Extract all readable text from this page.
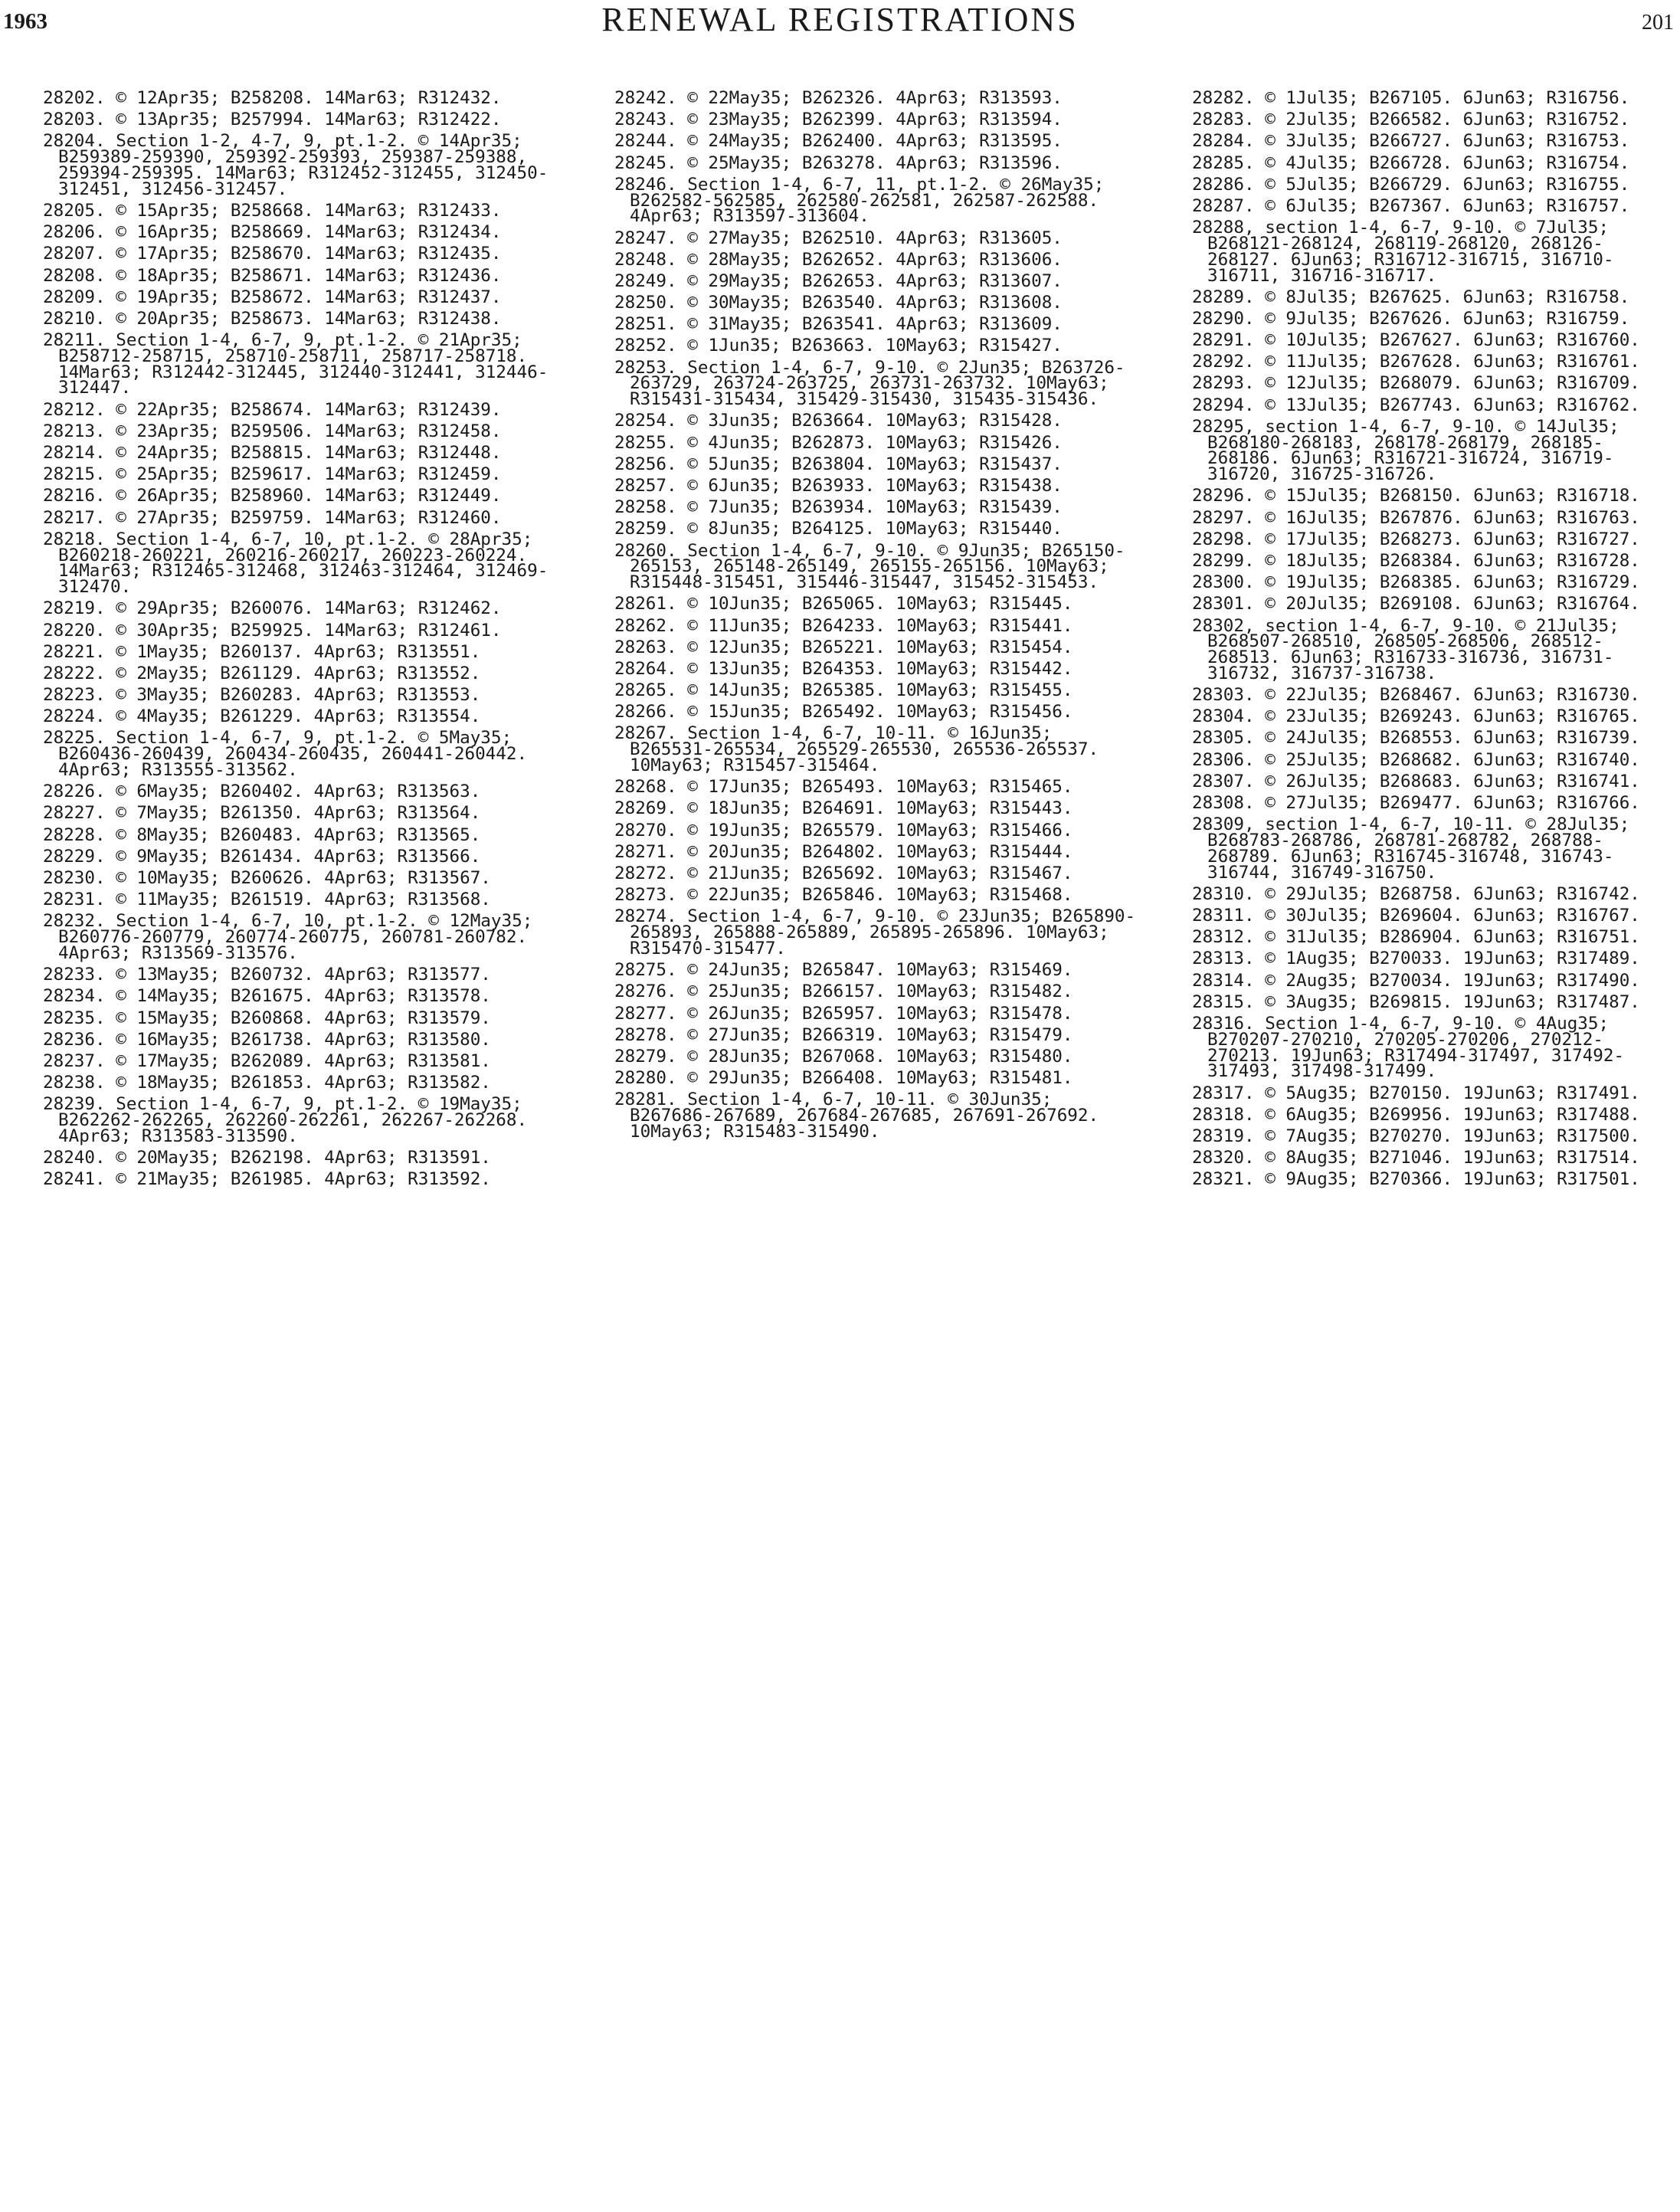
1963	RENEWAL REGISTRATIONS	201
28202. © 12Apr35; B258208. 14Mar63; R312432.
28203. © 13Apr35; B257994. 14Mar63; R312422.
28204. Section 1-2, 4-7, 9, pt.1-2. © 14Apr35; B259389-259390, 259392-259393, 259387-259388, 259394-259395. 14Mar63; R312452-312455, 312450-312451, 312456-312457.
28205. © 15Apr35; B258668. 14Mar63; R312433.
28206. © 16Apr35; B258669. 14Mar63; R312434.
28207. © 17Apr35; B258670. 14Mar63; R312435.
28208. © 18Apr35; B258671. 14Mar63; R312436.
28209. © 19Apr35; B258672. 14Mar63; R312437.
28210. © 20Apr35; B258673. 14Mar63; R312438.
28211. Section 1-4, 6-7, 9, pt.1-2. © 21Apr35; B258712-258715, 258710-258711, 258717-258718. 14Mar63; R312442-312445, 312440-312441, 312446-312447.
28212. © 22Apr35; B258674. 14Mar63; R312439.
28213. © 23Apr35; B259506. 14Mar63; R312458.
28214. © 24Apr35; B258815. 14Mar63; R312448.
28215. © 25Apr35; B259617. 14Mar63; R312459.
28216. © 26Apr35; B258960. 14Mar63; R312449.
28217. © 27Apr35; B259759. 14Mar63; R312460.
28218. Section 1-4, 6-7, 10, pt.1-2. © 28Apr35; B260218-260221, 260216-260217, 260223-260224. 14Mar63; R312465-312468, 312463-312464, 312469-312470.
28219. © 29Apr35; B260076. 14Mar63; R312462.
28220. © 30Apr35; B259925. 14Mar63; R312461.
28221. © 1May35; B260137. 4Apr63; R313551.
28222. © 2May35; B261129. 4Apr63; R313552.
28223. © 3May35; B260283. 4Apr63; R313553.
28224. © 4May35; B261229. 4Apr63; R313554.
28225. Section 1-4, 6-7, 9, pt.1-2. © 5May35; B260436-260439, 260434-260435, 260441-260442. 4Apr63; R313555-313562.
28226. © 6May35; B260402. 4Apr63; R313563.
28227. © 7May35; B261350. 4Apr63; R313564.
28228. © 8May35; B260483. 4Apr63; R313565.
28229. © 9May35; B261434. 4Apr63; R313566.
28230. © 10May35; B260626. 4Apr63; R313567.
28231. © 11May35; B261519. 4Apr63; R313568.
28232. Section 1-4, 6-7, 10, pt.1-2. © 12May35; B260776-260779, 260774-260775, 260781-260782. 4Apr63; R313569-313576.
28233. © 13May35; B260732. 4Apr63; R313577.
28234. © 14May35; B261675. 4Apr63; R313578.
28235. © 15May35; B260868. 4Apr63; R313579.
28236. © 16May35; B261738. 4Apr63; R313580.
28237. © 17May35; B262089. 4Apr63; R313581.
28238. © 18May35; B261853. 4Apr63; R313582.
28239. Section 1-4, 6-7, 9, pt.1-2. © 19May35; B262262-262265, 262260-262261, 262267-262268. 4Apr63; R313583-313590.
28240. © 20May35; B262198. 4Apr63; R313591.
28241. © 21May35; B261985. 4Apr63; R313592.
28242. © 22May35; B262326. 4Apr63; R313593.
28243. © 23May35; B262399. 4Apr63; R313594.
28244. © 24May35; B262400. 4Apr63; R313595.
28245. © 25May35; B263278. 4Apr63; R313596.
28246. Section 1-4, 6-7, 11, pt.1-2. © 26May35; B262582-562585, 262580-262581, 262587-262588. 4Apr63; R313597-313604.
28247. © 27May35; B262510. 4Apr63; R313605.
28248. © 28May35; B262652. 4Apr63; R313606.
28249. © 29May35; B262653. 4Apr63; R313607.
28250. © 30May35; B263540. 4Apr63; R313608.
28251. © 31May35; B263541. 4Apr63; R313609.
28252. © 1Jun35; B263663. 10May63; R315427.
28253. Section 1-4, 6-7, 9-10. © 2Jun35; B263726-263729, 263724-263725, 263731-263732. 10May63; R315431-315434, 315429-315430, 315435-315436.
28254. © 3Jun35; B263664. 10May63; R315428.
28255. © 4Jun35; B262873. 10May63; R315426.
28256. © 5Jun35; B263804. 10May63; R315437.
28257. © 6Jun35; B263933. 10May63; R315438.
28258. © 7Jun35; B263934. 10May63; R315439.
28259. © 8Jun35; B264125. 10May63; R315440.
28260. Section 1-4, 6-7, 9-10. © 9Jun35; B265150-265153, 265148-265149, 265155-265156. 10May63; R315448-315451, 315446-315447, 315452-315453.
28261. © 10Jun35; B265065. 10May63; R315445.
28262. © 11Jun35; B264233. 10May63; R315441.
28263. © 12Jun35; B265221. 10May63; R315454.
28264. © 13Jun35; B264353. 10May63; R315442.
28265. © 14Jun35; B265385. 10May63; R315455.
28266. © 15Jun35; B265492. 10May63; R315456.
28267. Section 1-4, 6-7, 10-11. © 16Jun35; B265531-265534, 265529-265530, 265536-265537. 10May63; R315457-315464.
28268. © 17Jun35; B265493. 10May63; R315465.
28269. © 18Jun35; B264691. 10May63; R315443.
28270. © 19Jun35; B265579. 10May63; R315466.
28271. © 20Jun35; B264802. 10May63; R315444.
28272. © 21Jun35; B265692. 10May63; R315467.
28273. © 22Jun35; B265846. 10May63; R315468.
28274. Section 1-4, 6-7, 9-10. © 23Jun35; B265890-265893, 265888-265889, 265895-265896. 10May63; R315470-315477.
28275. © 24Jun35; B265847. 10May63; R315469.
28276. © 25Jun35; B266157. 10May63; R315482.
28277. © 26Jun35; B265957. 10May63; R315478.
28278. © 27Jun35; B266319. 10May63; R315479.
28279. © 28Jun35; B267068. 10May63; R315480.
28280. © 29Jun35; B266408. 10May63; R315481.
28281. Section 1-4, 6-7, 10-11. © 30Jun35; B267686-267689, 267684-267685, 267691-267692. 10May63; R315483-315490.
28282. © 1Jul35; B267105. 6Jun63; R316756.
28283. © 2Jul35; B266582. 6Jun63; R316752.
28284. © 3Jul35; B266727. 6Jun63; R316753.
28285. © 4Jul35; B266728. 6Jun63; R316754.
28286. © 5Jul35; B266729. 6Jun63; R316755.
28287. © 6Jul35; B267367. 6Jun63; R316757.
28288, section 1-4, 6-7, 9-10. © 7Jul35; B268121-268124, 268119-268120, 268126-268127. 6Jun63; R316712-316715, 316710-316711, 316716-316717.
28289. © 8Jul35; B267625. 6Jun63; R316758.
28290. © 9Jul35; B267626. 6Jun63; R316759.
28291. © 10Jul35; B267627. 6Jun63; R316760.
28292. © 11Jul35; B267628. 6Jun63; R316761.
28293. © 12Jul35; B268079. 6Jun63; R316709.
28294. © 13Jul35; B267743. 6Jun63; R316762.
28295, section 1-4, 6-7, 9-10. © 14Jul35; B268180-268183, 268178-268179, 268185-268186. 6Jun63; R316721-316724, 316719-316720, 316725-316726.
28296. © 15Jul35; B268150. 6Jun63; R316718.
28297. © 16Jul35; B267876. 6Jun63; R316763.
28298. © 17Jul35; B268273. 6Jun63; R316727.
28299. © 18Jul35; B268384. 6Jun63; R316728.
28300. © 19Jul35; B268385. 6Jun63; R316729.
28301. © 20Jul35; B269108. 6Jun63; R316764.
28302, section 1-4, 6-7, 9-10. © 21Jul35; B268507-268510, 268505-268506, 268512-268513. 6Jun63; R316733-316736, 316731-316732, 316737-316738.
28303. © 22Jul35; B268467. 6Jun63; R316730.
28304. © 23Jul35; B269243. 6Jun63; R316765.
28305. © 24Jul35; B268553. 6Jun63; R316739.
28306. © 25Jul35; B268682. 6Jun63; R316740.
28307. © 26Jul35; B268683. 6Jun63; R316741.
28308. © 27Jul35; B269477. 6Jun63; R316766.
28309, section 1-4, 6-7, 10-11. © 28Jul35; B268783-268786, 268781-268782, 268788-268789. 6Jun63; R316745-316748, 316743-316744, 316749-316750.
28310. © 29Jul35; B268758. 6Jun63; R316742.
28311. © 30Jul35; B269604. 6Jun63; R316767.
28312. © 31Jul35; B286904. 6Jun63; R316751.
28313. © 1Aug35; B270033. 19Jun63; R317489.
28314. © 2Aug35; B270034. 19Jun63; R317490.
28315. © 3Aug35; B269815. 19Jun63; R317487.
28316. Section 1-4, 6-7, 9-10. © 4Aug35; B270207-270210, 270205-270206, 270212-270213. 19Jun63; R317494-317497, 317492-317493, 317498-317499.
28317. © 5Aug35; B270150. 19Jun63; R317491.
28318. © 6Aug35; B269956. 19Jun63; R317488.
28319. © 7Aug35; B270270. 19Jun63; R317500.
28320. © 8Aug35; B271046. 19Jun63; R317514.
28321. © 9Aug35; B270366. 19Jun63; R317501.
